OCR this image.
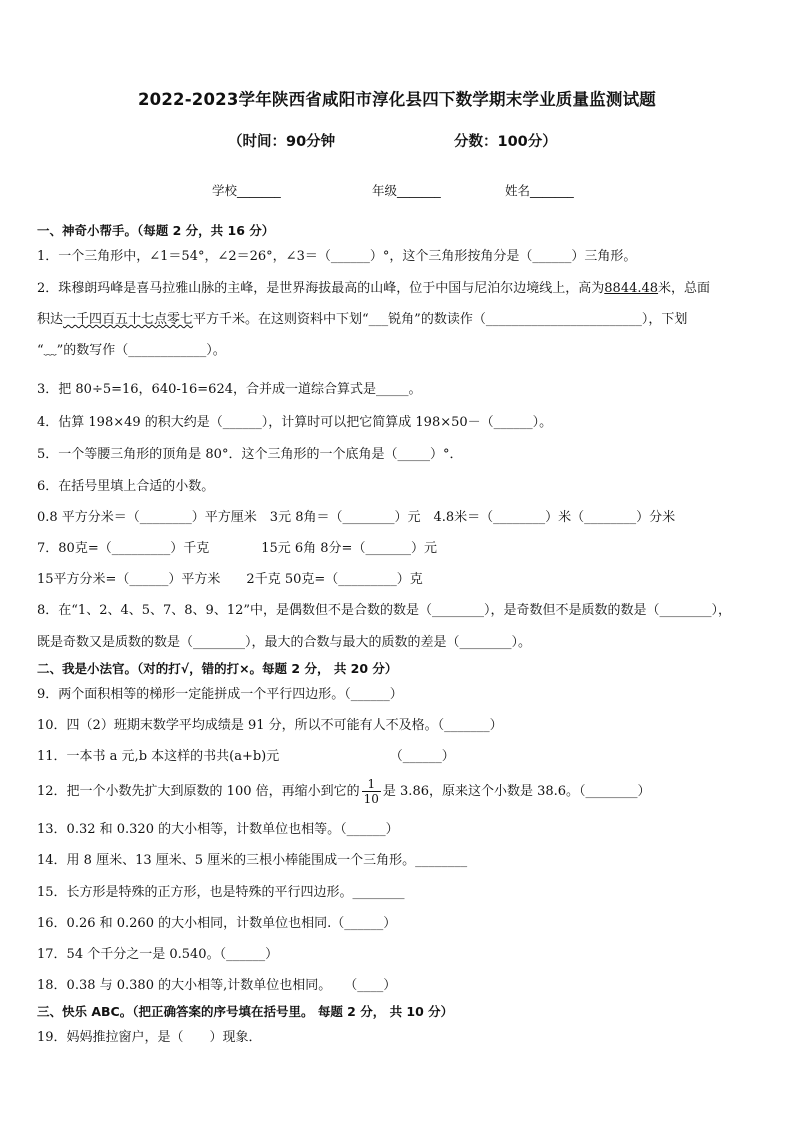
2022-2023学年陕西省咸阳市淳化县四下数学期末学业质量监测试题
（时间：90分钟	分数：100分）
学校_______	年级_______	姓名_______
一、神奇小帮手。（每题 2 分，共 16 分）
1．一个三角形中，∠1＝54°，∠2＝26°，∠3＝（______）°，这个三角形按角分是（______）三角形。
2．珠穆朗玛峰是喜马拉雅山脉的主峰，是世界海拔最高的山峰，位于中国与尼泊尔边境线上，高为8844.48米，总面
积达一千四百五十七点零七平方千米。在这则资料中下划“___锐角”的数读作（________________________），下划
“﹏”的数写作（____________）。
3．把 80÷5=16，640-16=624，合并成一道综合算式是_____。
4．估算 198×49 的积大约是（______），计算时可以把它简算成 198×50－（______）。
5．一个等腰三角形的顶角是 80°．这个三角形的一个底角是（_____）°．
6．在括号里填上合适的小数。
0.8 平方分米＝（________）平方厘米　3元 8角＝（________）元　4.8米＝（________）米（________）分米
7．80克=（_________）千克　　　　15元 6角 8分=（_______）元
15平方分米=（______）平方米　　2千克 50克=（_________）克
8．在“1、2、4、5、7、8、9、12”中，是偶数但不是合数的数是（________），是奇数但不是质数的数是（________），
既是奇数又是质数的数是（________），最大的合数与最大的质数的差是（________）。
二、我是小法官。（对的打√，错的打×。每题 2 分， 共 20 分）
9．两个面积相等的梯形一定能拼成一个平行四边形。（______）
10．四（2）班期末数学平均成绩是 91 分，所以不可能有人不及格。（_______）
11．一本书 a 元,b 本这样的书共(a+b)元　　　　　　　　　（______）
12．把一个小数先扩大到原数的 100 倍，再缩小到它的 $\frac{1}{10}$ 是 3.86，原来这个小数是 38.6。（________）
13．0.32 和 0.320 的大小相等，计数单位也相等。（______）
14．用 8 厘米、13 厘米、5 厘米的三根小棒能围成一个三角形。________
15．长方形是特殊的正方形，也是特殊的平行四边形。________
16．0.26 和 0.260 的大小相同，计数单位也相同.（______）
17．54 个千分之一是 0.540。（______）
18．0.38 与 0.380 的大小相等,计数单位也相同。　　（____）
三、快乐 ABC。（把正确答案的序号填在括号里。 每题 2 分， 共 10 分）
19．妈妈推拉窗户，是（　　）现象．
